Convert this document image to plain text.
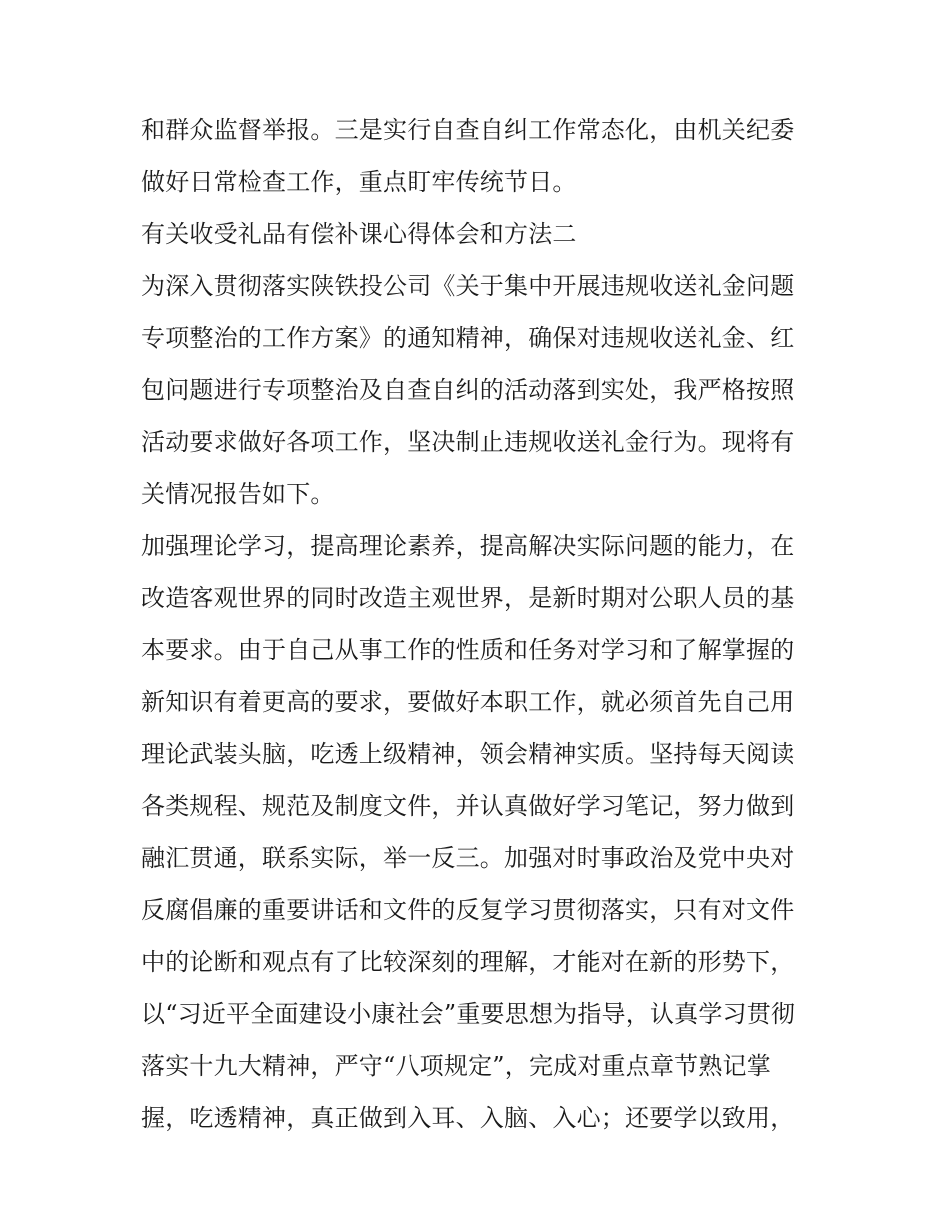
和群众监督举报。三是实行自查自纠工作常态化，由机关纪委
做好日常检查工作，重点盯牢传统节日。
有关收受礼品有偿补课心得体会和方法二
为深入贯彻落实陕铁投公司《关于集中开展违规收送礼金问题
专项整治的工作方案》的通知精神，确保对违规收送礼金、红
包问题进行专项整治及自查自纠的活动落到实处，我严格按照
活动要求做好各项工作，坚决制止违规收送礼金行为。现将有
关情况报告如下。
加强理论学习，提高理论素养，提高解决实际问题的能力，在
改造客观世界的同时改造主观世界，是新时期对公职人员的基
本要求。由于自己从事工作的性质和任务对学习和了解掌握的
新知识有着更高的要求，要做好本职工作，就必须首先自己用
理论武装头脑，吃透上级精神，领会精神实质。坚持每天阅读
各类规程、规范及制度文件，并认真做好学习笔记，努力做到
融汇贯通，联系实际，举一反三。加强对时事政治及党中央对
反腐倡廉的重要讲话和文件的反复学习贯彻落实，只有对文件
中的论断和观点有了比较深刻的理解，才能对在新的形势下，
以“习近平全面建设小康社会”重要思想为指导，认真学习贯彻
落实十九大精神，严守“八项规定”，完成对重点章节熟记掌
握，吃透精神，真正做到入耳、入脑、入心；还要学以致用，
